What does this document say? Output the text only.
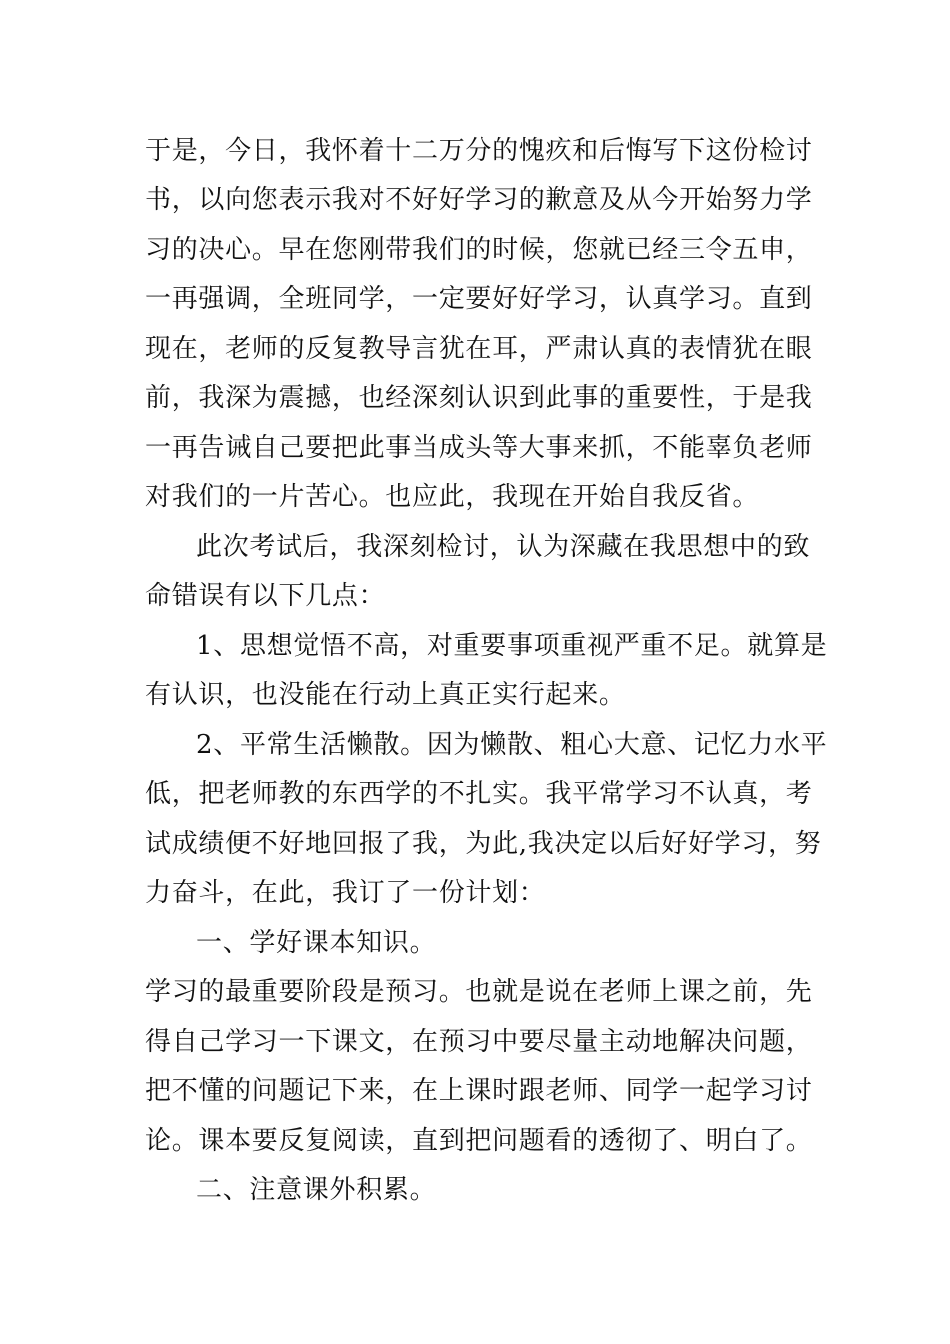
于是，今日，我怀着十二万分的愧疚和后悔写下这份检讨

书，以向您表示我对不好好学习的歉意及从今开始努力学

习的决心。早在您刚带我们的时候，您就已经三令五申，

一再强调，全班同学，一定要好好学习，认真学习。直到

现在，老师的反复教导言犹在耳，严肃认真的表情犹在眼

前，我深为震撼，也经深刻认识到此事的重要性，于是我

一再告诫自己要把此事当成头等大事来抓，不能辜负老师

对我们的一片苦心。也应此，我现在开始自我反省。

此次考试后，我深刻检讨，认为深藏在我思想中的致

命错误有以下几点：

1、思想觉悟不高，对重要事项重视严重不足。就算是

有认识，也没能在行动上真正实行起来。

2、平常生活懒散。因为懒散、粗心大意、记忆力水平

低，把老师教的东西学的不扎实。我平常学习不认真，考

试成绩便不好地回报了我，为此,我决定以后好好学习，努

力奋斗，在此，我订了一份计划：

一、学好课本知识。

学习的最重要阶段是预习。也就是说在老师上课之前，先

得自己学习一下课文，在预习中要尽量主动地解决问题，

把不懂的问题记下来，在上课时跟老师、同学一起学习讨

论。课本要反复阅读，直到把问题看的透彻了、明白了。

二、注意课外积累。
